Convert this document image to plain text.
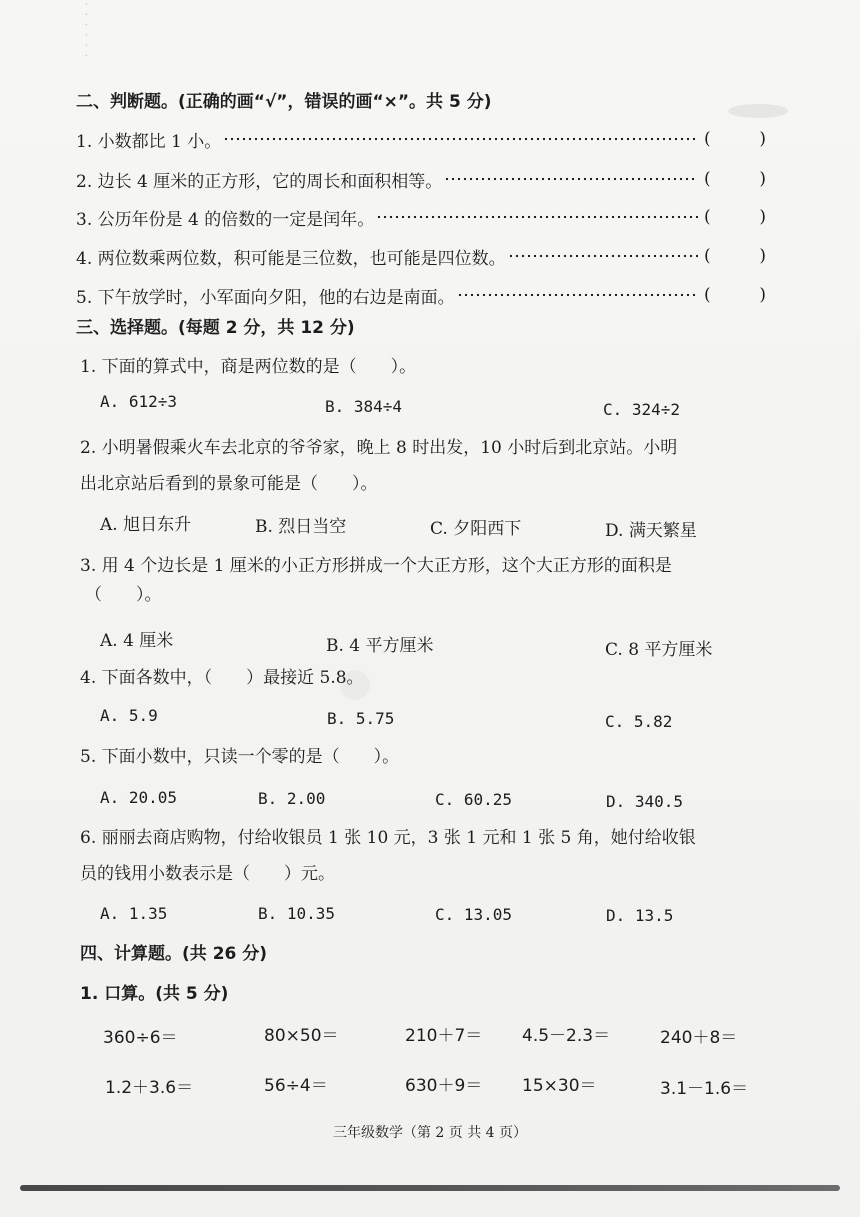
· · · · · ·
二、判断题。(正确的画“√”，错误的画“×”。共 5 分)
1. 小数都比 1 小。	(	)
2. 边长 4 厘米的正方形，它的周长和面积相等。	(	)
3. 公历年份是 4 的倍数的一定是闰年。	(	)
4. 两位数乘两位数，积可能是三位数，也可能是四位数。	(	)
5. 下午放学时，小军面向夕阳，他的右边是南面。	(	)
三、选择题。(每题 2 分，共 12 分)
1. 下面的算式中，商是两位数的是（　　）。
A. 612÷3	B. 384÷4	C. 324÷2
2. 小明暑假乘火车去北京的爷爷家，晚上 8 时出发，10 小时后到北京站。小明
出北京站后看到的景象可能是（　　）。
A. 旭日东升	B. 烈日当空	C. 夕阳西下	D. 满天繁星
3. 用 4 个边长是 1 厘米的小正方形拼成一个大正方形，这个大正方形的面积是
（　　）。
A. 4 厘米	B. 4 平方厘米	C. 8 平方厘米
4. 下面各数中，（　　）最接近 5.8。
A. 5.9	B. 5.75	C. 5.82
5. 下面小数中，只读一个零的是（　　）。
A. 20.05	B. 2.00	C. 60.25	D. 340.5
6. 丽丽去商店购物，付给收银员 1 张 10 元，3 张 1 元和 1 张 5 角，她付给收银
员的钱用小数表示是（　　）元。
A. 1.35	B. 10.35	C. 13.05	D. 13.5
四、计算题。(共 26 分)
1. 口算。(共 5 分)
360÷6＝	80×50＝	210＋7＝ 4.5－2.3＝	240＋8＝
1.2＋3.6＝	56÷4＝	630＋9＝ 15×30＝	3.1－1.6＝
三年级数学（第 2 页 共 4 页）
